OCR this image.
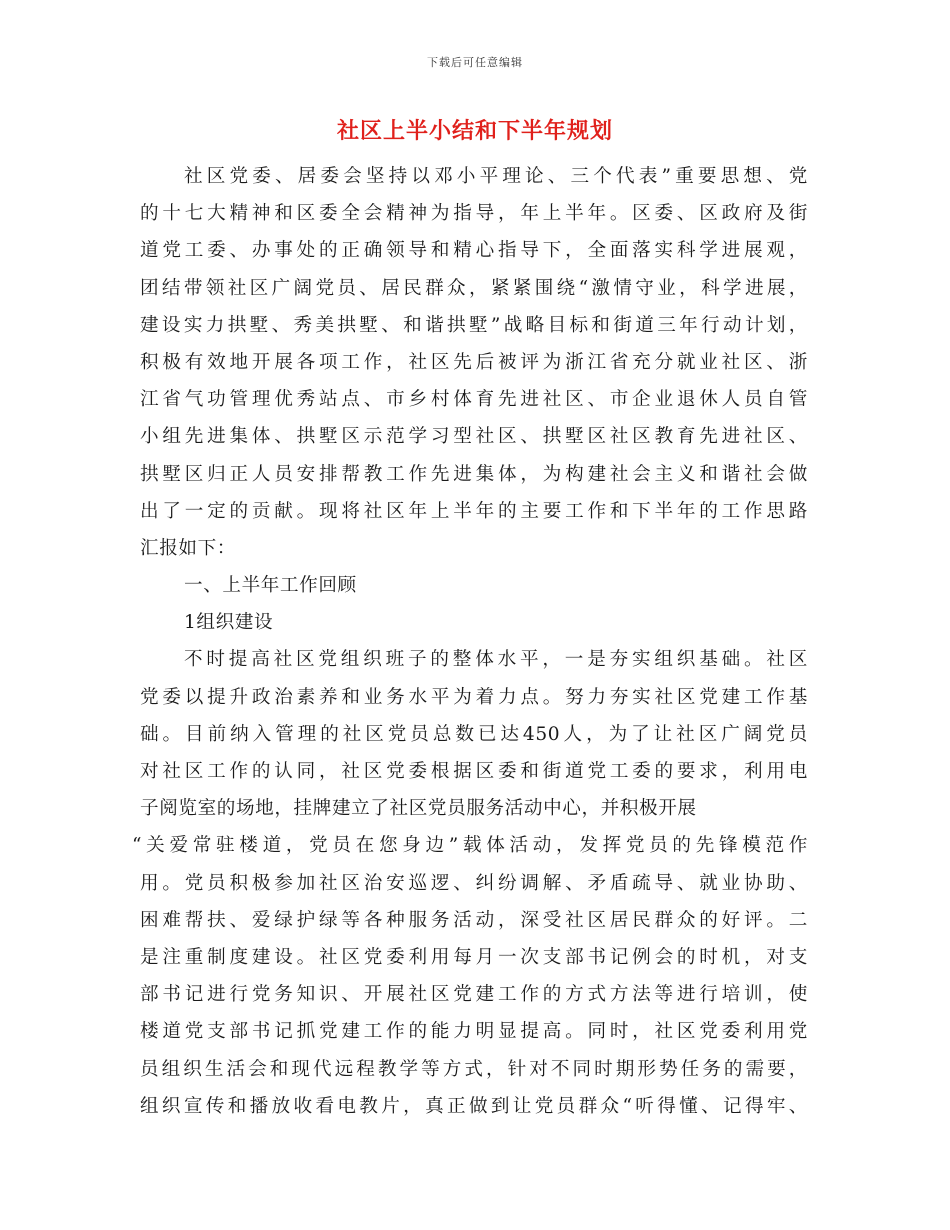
下载后可任意编辑
社区上半小结和下半年规划
社区党委、居委会坚持以邓小平理论、三个代表”重要思想、党
的十七大精神和区委全会精神为指导，年上半年。区委、区政府及街
道党工委、办事处的正确领导和精心指导下，全面落实科学进展观，
团结带领社区广阔党员、居民群众，紧紧围绕“激情守业，科学进展，
建设实力拱墅、秀美拱墅、和谐拱墅”战略目标和街道三年行动计划，
积极有效地开展各项工作，社区先后被评为浙江省充分就业社区、浙
江省气功管理优秀站点、市乡村体育先进社区、市企业退休人员自管
小组先进集体、拱墅区示范学习型社区、拱墅区社区教育先进社区、
拱墅区归正人员安排帮教工作先进集体，为构建社会主义和谐社会做
出了一定的贡献。现将社区年上半年的主要工作和下半年的工作思路
汇报如下：
一、上半年工作回顾
1组织建设
不时提高社区党组织班子的整体水平，一是夯实组织基础。社区
党委以提升政治素养和业务水平为着力点。努力夯实社区党建工作基
础。目前纳入管理的社区党员总数已达450人，为了让社区广阔党员
对社区工作的认同，社区党委根据区委和街道党工委的要求，利用电
子阅览室的场地，挂牌建立了社区党员服务活动中心，并积极开展
“关爱常驻楼道，党员在您身边”载体活动，发挥党员的先锋模范作
用。党员积极参加社区治安巡逻、纠纷调解、矛盾疏导、就业协助、
困难帮扶、爱绿护绿等各种服务活动，深受社区居民群众的好评。二
是注重制度建设。社区党委利用每月一次支部书记例会的时机，对支
部书记进行党务知识、开展社区党建工作的方式方法等进行培训，使
楼道党支部书记抓党建工作的能力明显提高。同时，社区党委利用党
员组织生活会和现代远程教学等方式，针对不同时期形势任务的需要，
组织宣传和播放收看电教片，真正做到让党员群众“听得懂、记得牢、
